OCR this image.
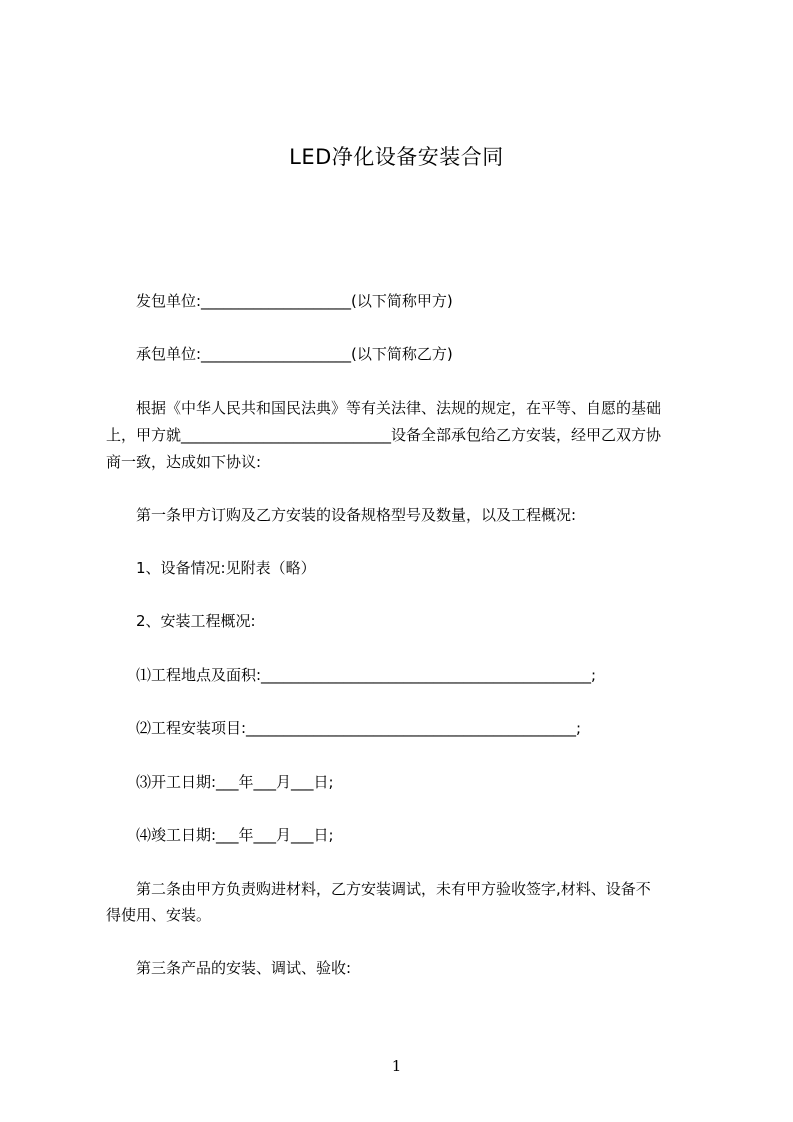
LED净化设备安装合同
发包单位:____________________(以下简称甲方)
承包单位:____________________(以下简称乙方)
根据《中华人民共和国民法典》等有关法律、法规的规定，在平等、自愿的基础
上，甲方就____________________________设备全部承包给乙方安装，经甲乙双方协
商一致，达成如下协议:
第一条甲方订购及乙方安装的设备规格型号及数量，以及工程概况:
1、设备情况:见附表（略）
2、安装工程概况:
⑴工程地点及面积:____________________________________________;
⑵工程安装项目:____________________________________________;
⑶开工日期:___年___月___日;
⑷竣工日期:___年___月___日;
第二条由甲方负责购进材料，乙方安装调试，未有甲方验收签字,材料、设备不
得使用、安装。
第三条产品的安装、调试、验收:
1
